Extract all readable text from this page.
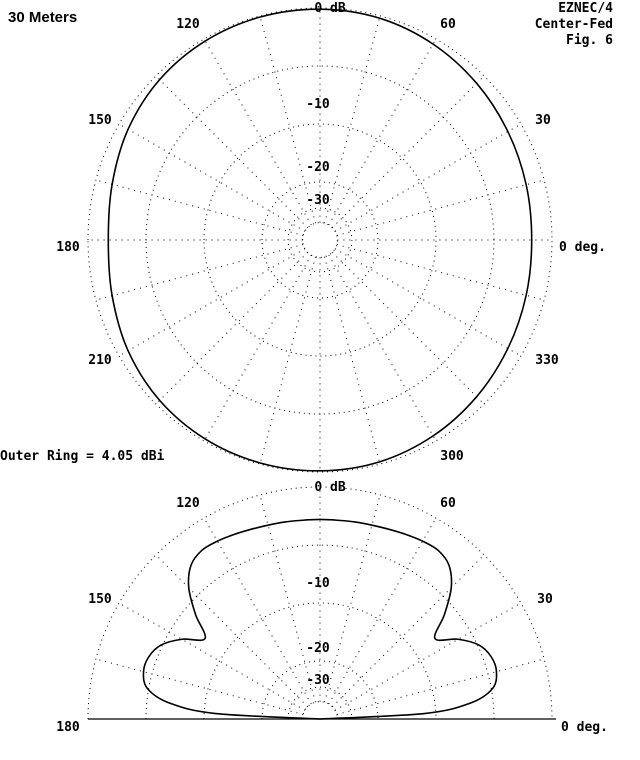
30 Meters
EZNEC/4
Center-Fed
Fig. 6
0 dB
-10
-20
-30
120	60
150	30
180	0 deg.
210	330
300
Outer Ring = 4.05 dBi
0 dB
-10
-20
-30
120	60
150	30
180	0 deg.
